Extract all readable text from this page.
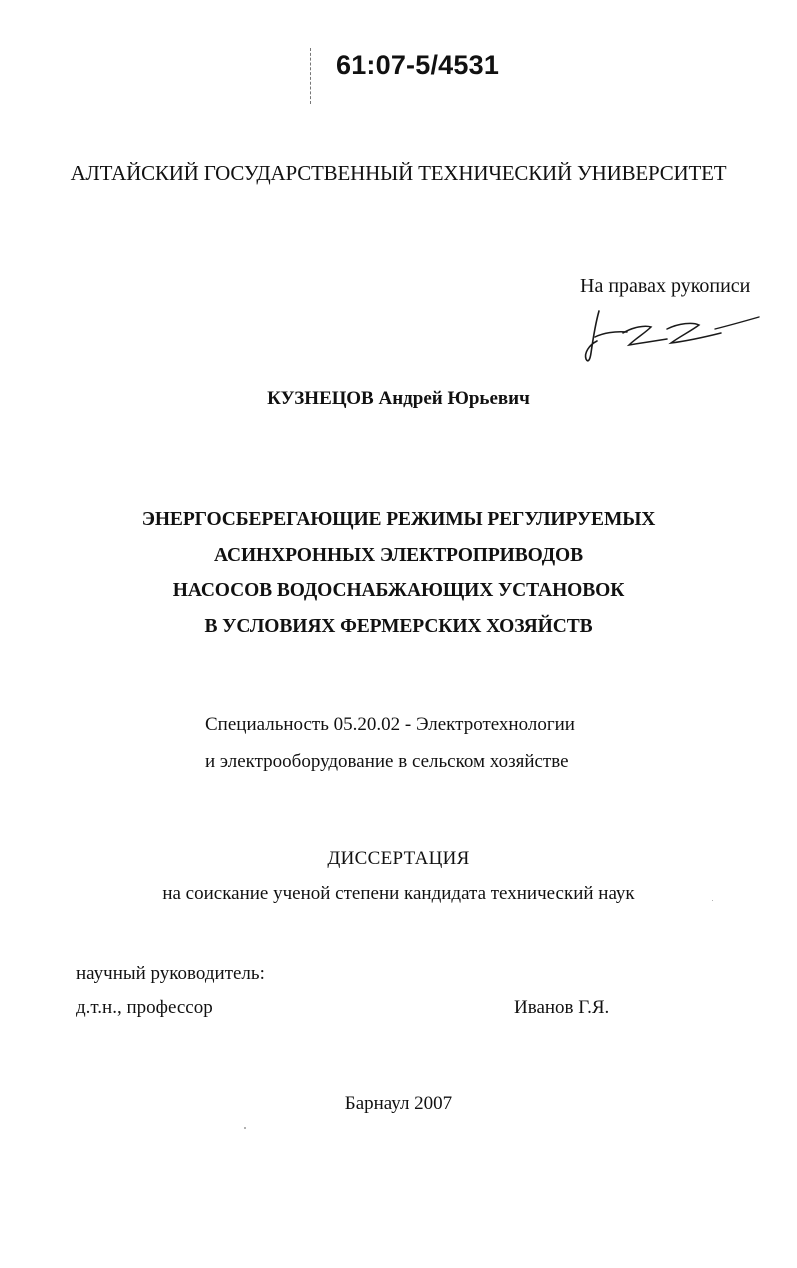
61:07-5/4531
АЛТАЙСКИЙ ГОСУДАРСТВЕННЫЙ ТЕХНИЧЕСКИЙ УНИВЕРСИТЕТ
На правах рукописи
КУЗНЕЦОВ Андрей Юрьевич
ЭНЕРГОСБЕРЕГАЮЩИЕ РЕЖИМЫ РЕГУЛИРУЕМЫХ
АСИНХРОННЫХ ЭЛЕКТРОПРИВОДОВ
НАСОСОВ ВОДОСНАБЖАЮЩИХ УСТАНОВОК
В УСЛОВИЯХ ФЕРМЕРСКИХ ХОЗЯЙСТВ
Специальность 05.20.02 - Электротехнологии
и электрооборудование в сельском хозяйстве
ДИССЕРТАЦИЯ
на соискание ученой степени кандидата технический наук
научный руководитель:
д.т.н., профессор	Иванов Г.Я.
Барнаул 2007
